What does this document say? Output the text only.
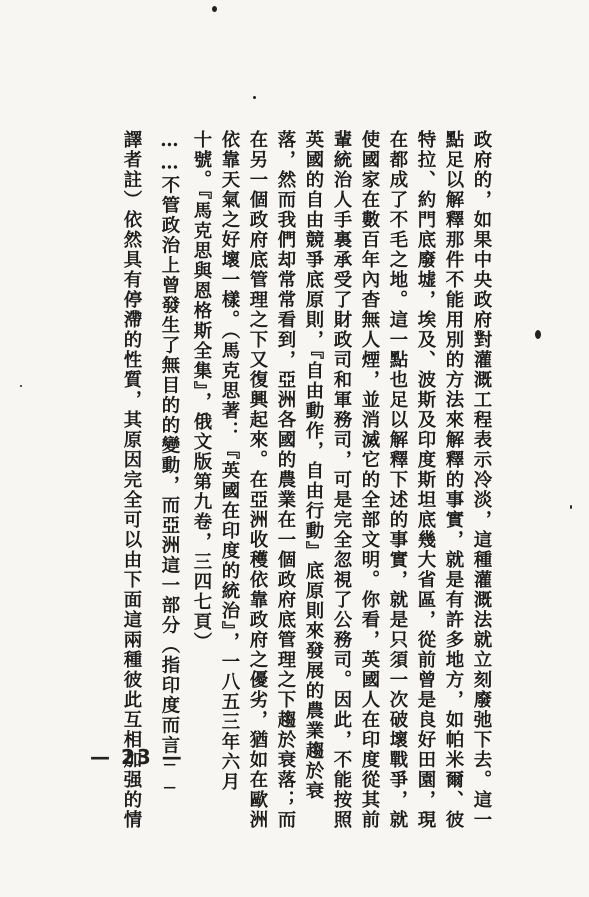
政府的，如果中央政府對灌溉工程表示冷淡，這種灌溉法就立刻廢弛下去。這一
點足以解釋那件不能用別的方法來解釋的事實，就是有許多地方，如帕米爾、彼
特拉、約門底廢墟，埃及、波斯及印度斯坦底幾大省區，從前曾是良好田園，現
在都成了不毛之地。這一點也足以解釋下述的事實，就是只須一次破壞戰爭，就
使國家在數百年內杳無人煙，並消滅它的全部文明。你看，英國人在印度從其前
輩統治人手裏承受了財政司和軍務司，可是完全忽視了公務司。因此，不能按照
英國的自由競爭底原則，『自由動作，自由行動』底原則來發展的農業趨於衰
落，然而我們却常常看到，亞洲各國的農業在一個政府底管理之下趨於衰落；而
在另一個政府底管理之下又復興起來。在亞洲收穫依靠政府之優劣，猶如在歐洲
依靠天氣之好壞一樣。（馬克思著：『英國在印度的統治』，一八五三年六月
十號。『馬克思與恩格斯全集』，俄文版第九卷，三四七頁）
……不管政治上曾發生了無目的的變動，而亞洲這一部分（指印度而言──
譯者註）依然具有停滯的性質，其原因完全可以由下面這兩種彼此互相加强的情
— 23 —
